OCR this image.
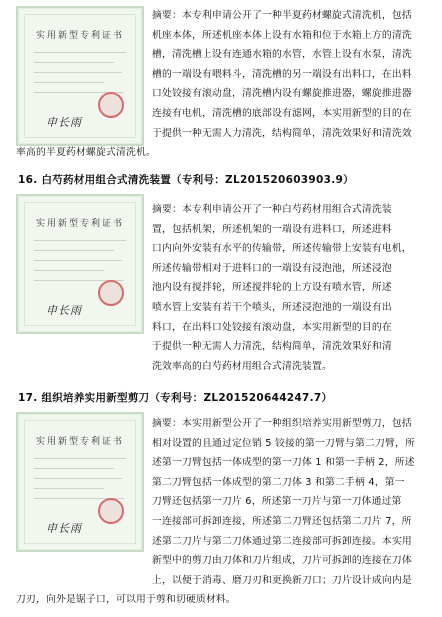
实用新型专利证书
申长雨
摘要：本专利申请公开了一种半夏药材螺旋式清洗机，包括
机座本体，所述机座本体上设有水箱和位于水箱上方的清洗
槽，清洗槽上设有连通水箱的水管，水管上设有水泵，清洗
槽的一端设有喂料斗，清洗槽的另一端设有出料口，在出料
口处铰接有滚动盘，清洗槽内设有螺旋推进器，螺旋推进器
连接有电机，清洗槽的底部设有滤网，本实用新型的目的在
于提供一种无需人力清洗，结构简单，清洗效果好和清洗效
率高的半夏药材螺旋式清洗机。
16. 白芍药材用组合式清洗装置（专利号：ZL201520603903.9）
实用新型专利证书
申长雨
摘要：本专利申请公开了一种白芍药材用组合式清洗装
置，包括机架，所述机架的一端设有进料口，所述进料
口内向外安装有水平的传输带，所述传输带上安装有电机，
所述传输带相对于进料口的一端设有浸泡池，所述浸泡
池内设有搅拌轮，所述搅拌轮的上方设有喷水管，所述
喷水管上安装有若干个喷头，所述浸泡池的一端设有出
料口，在出料口处铰接有滚动盘，本实用新型的目的在
于提供一种无需人力清洗，结构简单，清洗效果好和清
洗效率高的白芍药材用组合式清洗装置。
17. 组织培养实用新型剪刀（专利号：ZL201520644247.7）
实用新型专利证书
申长雨
摘要：本实用新型公开了一种组织培养实用新型剪刀，包括
相对设置的且通过定位销 5 铰接的第一刀臂与第二刀臂，所
述第一刀臂包括一体成型的第一刀体 1 和第一手柄 2，所述
第二刀臂包括一体成型的第二刀体 3 和第二手柄 4，第一
刀臂还包括第一刀片 6，所述第一刀片与第一刀体通过第
一连接部可拆卸连接，所述第二刀臂还包括第二刀片 7，所
述第二刀片与第二刀体通过第二连接部可拆卸连接。本实用
新型中的剪刀由刀体和刀片组成，刀片可拆卸的连接在刀体
上，以便于消毒、磨刀刃和更换新刀口；刀片设计成向内是
刀刃，向外是锯子口，可以用于剪和切硬质材料。
